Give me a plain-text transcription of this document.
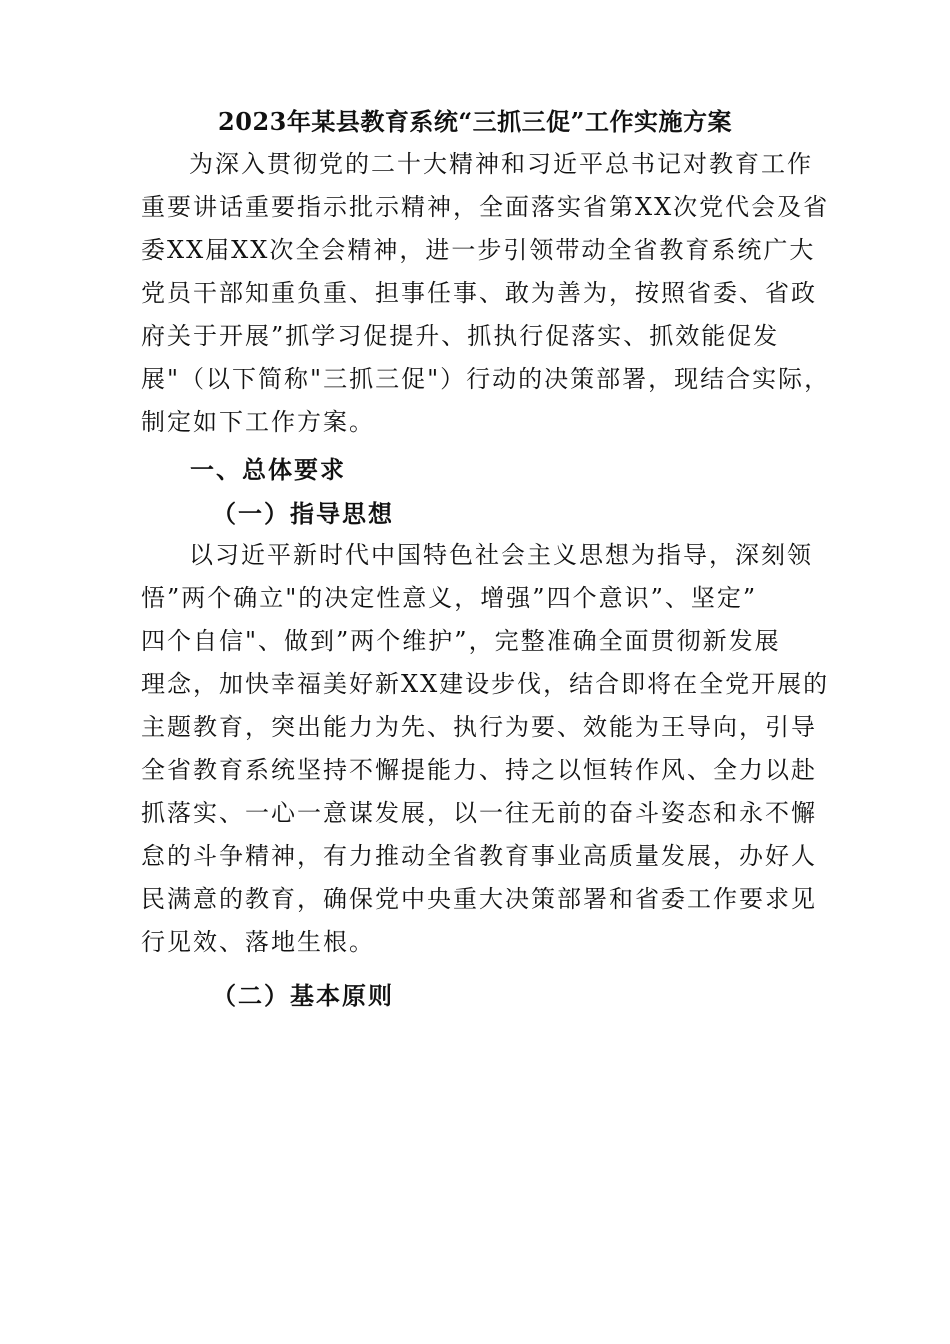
2023年某县教育系统“三抓三促”工作实施方案

为深入贯彻党的二十大精神和习近平总书记对教育工作
重要讲话重要指示批示精神，全面落实省第XX次党代会及省
委XX届XX次全会精神，进一步引领带动全省教育系统广大
党员干部知重负重、担事任事、敢为善为，按照省委、省政
府关于开展”抓学习促提升、抓执行促落实、抓效能促发
展"（以下简称"三抓三促"）行动的决策部署，现结合实际，
制定如下工作方案。

一、总体要求
（一）指导思想

以习近平新时代中国特色社会主义思想为指导，深刻领
悟”两个确立"的决定性意义，增强”四个意识”、坚定”
四个自信"、做到”两个维护”，完整准确全面贯彻新发展
理念，加快幸福美好新XX建设步伐，结合即将在全党开展的
主题教育，突出能力为先、执行为要、效能为王导向，引导
全省教育系统坚持不懈提能力、持之以恒转作风、全力以赴
抓落实、一心一意谋发展，以一往无前的奋斗姿态和永不懈
怠的斗争精神，有力推动全省教育事业高质量发展，办好人
民满意的教育，确保党中央重大决策部署和省委工作要求见
行见效、落地生根。

（二）基本原则
